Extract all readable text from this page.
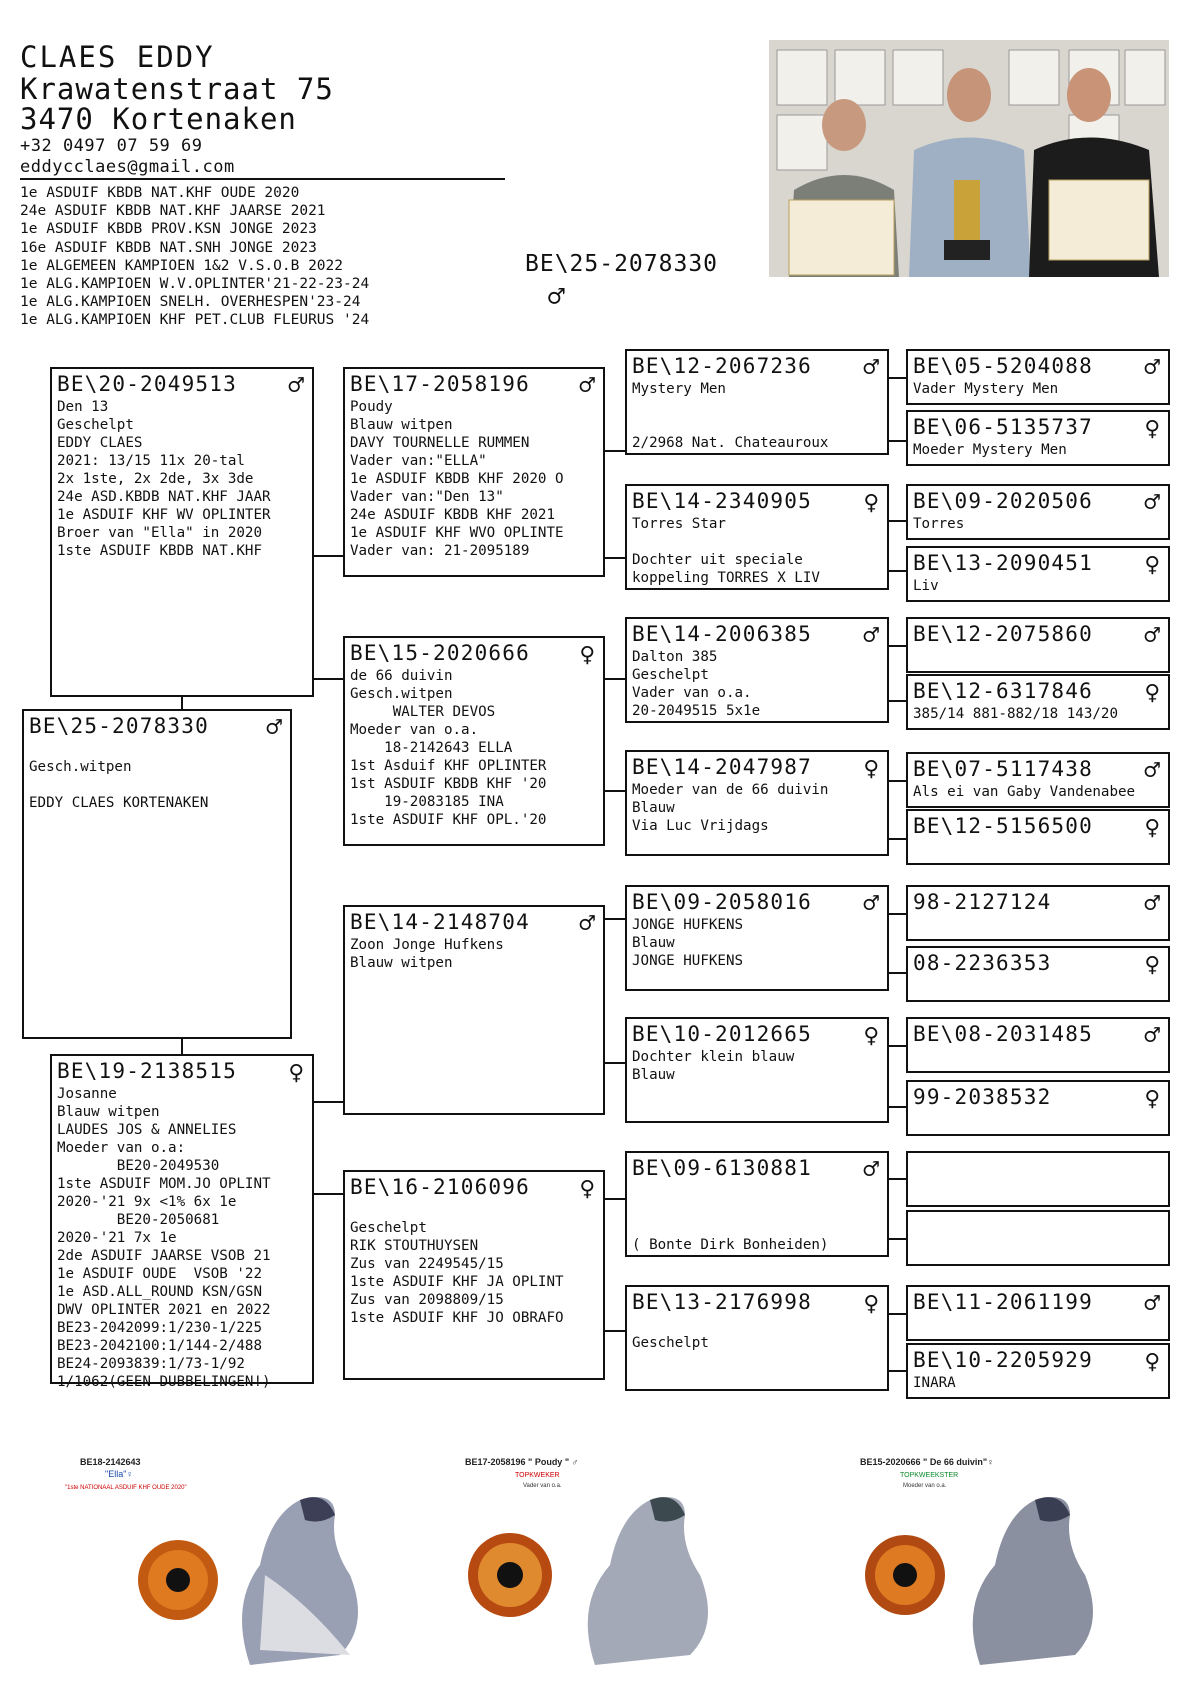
CLAES EDDY
Krawatenstraat 75
3470 Kortenaken
+32 0497 07 59 69
eddycclaes@gmail.com
1e ASDUIF KBDB NAT.KHF OUDE 2020
24e ASDUIF KBDB NAT.KHF JAARSE 2021
1e ASDUIF KBDB PROV.KSN JONGE 2023
16e ASDUIF KBDB NAT.SNH JONGE 2023
1e ALGEMEEN KAMPIOEN 1&2 V.S.O.B 2022
1e ALG.KAMPIOEN W.V.OPLINTER'21-22-23-24
1e ALG.KAMPIOEN SNELH. OVERHESPEN'23-24
1e ALG.KAMPIOEN KHF PET.CLUB FLEURUS '24
BE\25-2078330
♂
BE\20-2049513 ♂
Den 13
Geschelpt
EDDY CLAES
2021: 13/15 11x 20-tal
2x 1ste, 2x 2de, 3x 3de
24e ASD.KBDB NAT.KHF JAAR
1e ASDUIF KHF WV OPLINTER
Broer van "Ella" in 2020
1ste ASDUIF KBDB NAT.KHF
BE\25-2078330 ♂
Gesch.witpen
EDDY CLAES KORTENAKEN
BE\19-2138515 ♀
Josanne
Blauw witpen
LAUDES JOS & ANNELIES
Moeder van o.a:
BE20-2049530
1ste ASDUIF MOM.JO OPLINT
2020-'21 9x <1% 6x 1e
BE20-2050681
2020-'21 7x 1e
2de ASDUIF JAARSE VSOB 21
1e ASDUIF OUDE  VSOB '22
1e ASD.ALL_ROUND KSN/GSN
DWV OPLINTER 2021 en 2022
BE23-2042099:1/230-1/225
BE23-2042100:1/144-2/488
BE24-2093839:1/73-1/92
1/1062(GEEN DUBBELINGEN!)
BE\17-2058196 ♂
Poudy
Blauw witpen
DAVY TOURNELLE RUMMEN
Vader van:"ELLA"
1e ASDUIF KBDB KHF 2020 O
Vader van:"Den 13"
24e ASDUIF KBDB KHF 2021
1e ASDUIF KHF WVO OPLINTE
Vader van: 21-2095189
BE\15-2020666 ♀
de 66 duivin
Gesch.witpen
WALTER DEVOS
Moeder van o.a.
18-2142643 ELLA
1st Asduif KHF OPLINTER
1st ASDUIF KBDB KHF '20
19-2083185 INA
1ste ASDUIF KHF OPL.'20
BE\14-2148704 ♂
Zoon Jonge Hufkens
Blauw witpen
BE\16-2106096 ♀
Geschelpt
RIK STOUTHUYSEN
Zus van 2249545/15
1ste ASDUIF KHF JA OPLINT
Zus van 2098809/15
1ste ASDUIF KHF JO OBRAFO
BE\12-2067236 ♂
Mystery Men
2/2968 Nat. Chateauroux
BE\14-2340905 ♀
Torres Star
Dochter uit speciale
koppeling TORRES X LIV
BE\14-2006385 ♂
Dalton 385
Geschelpt
Vader van o.a.
20-2049515 5x1e
BE\14-2047987 ♀
Moeder van de 66 duivin
Blauw
Via Luc Vrijdags
BE\09-2058016 ♂
JONGE HUFKENS
Blauw
JONGE HUFKENS
BE\10-2012665 ♀
Dochter klein blauw
Blauw
BE\09-6130881 ♂
( Bonte Dirk Bonheiden)
BE\13-2176998 ♀
Geschelpt
BE\05-5204088 ♂
Vader Mystery Men
BE\06-5135737 ♀
Moeder Mystery Men
BE\09-2020506 ♂
Torres
BE\13-2090451 ♀
Liv
BE\12-2075860 ♂
BE\12-6317846 ♀
385/14 881-882/18 143/20
BE\07-5117438 ♂
Als ei van Gaby Vandenabee
BE\12-5156500 ♀
98-2127124	♂
08-2236353	♀
BE\08-2031485 ♂
99-2038532	♀
BE\11-2061199 ♂
BE\10-2205929 ♀
INARA
BE18-2142643
"Ella"♀
"1ste NATIONAAL ASDUIF KHF OUDE 2020"
BE17-2058196 " Poudy " ♂
TOPKWEKER
Vader van o.a.
BE15-2020666 " De 66 duivin"♀
TOPKWEEKSTER
Moeder van o.a.
